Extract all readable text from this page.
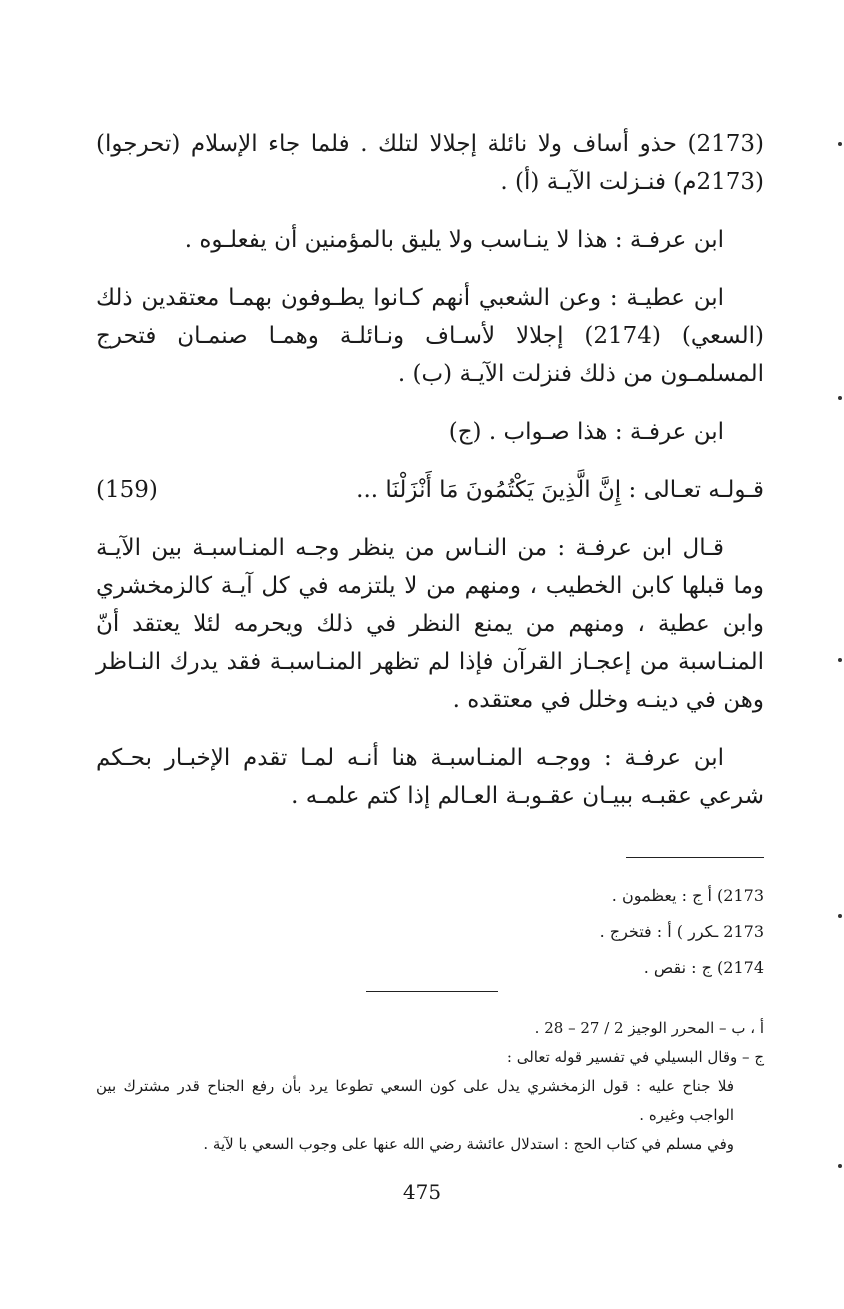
(2173) حذو أساف ولا نائلة إجلالا لتلك . فلما جاء الإسلام (تحرجوا) (2173م) فنـزلت الآيـة (أ) .

ابن عرفـة : هذا لا ينـاسب ولا يليق بالمؤمنين أن يفعلـوه .

ابن عطيـة : وعن الشعبي أنهم كـانوا يطـوفون بهمـا معتقدين ذلك (السعي) (2174) إجلالا لأسـاف ونـائلـة وهمـا صنمـان فتحرج المسلمـون من ذلك فنزلت الآيـة (ب) .

ابن عرفـة : هذا صـواب . (ج)

قـولـه تعـالى : إِنَّ الَّذِينَ يَكْتُمُونَ مَا أَنْزَلْنَا ...
(159)

قـال ابن عرفـة : من النـاس من ينظر وجـه المنـاسبـة بين الآيـة وما قبلها كابن الخطيب ، ومنهم من لا يلتزمه في كل آيـة كالزمخشري وابن عطية ، ومنهم من يمنع النظر في ذلك ويحرمه لئلا يعتقد أنّ المنـاسبة من إعجـاز القرآن فإذا لم تظهر المنـاسبـة فقد يدرك النـاظر وهن في دينـه وخلل في معتقده .

ابن عرفـة : ووجـه المنـاسبـة هنا أنـه لمـا تقدم الإخبـار بحـكم شرعي عقبـه ببيـان عقـوبـة العـالم إذا كتم علمـه .

2173) أ ج : يعظمون .
2173 ـكرر ) أ : فتخرج .
2174) ج : نقص .
أ ، ب – المحرر الوجيز 2 / 27 – 28 .
ج – وقال البسيلي في تفسير قوله تعالى :
فلا جناح عليه : قول الزمخشري يدل على كون السعي تطوعا يرد بأن رفع الجناح قدر مشترك بين الواجب وغيره .
وفي مسلم في كتاب الحج : استدلال عائشة رضي الله عنها على وجوب السعي با لآية .
475
